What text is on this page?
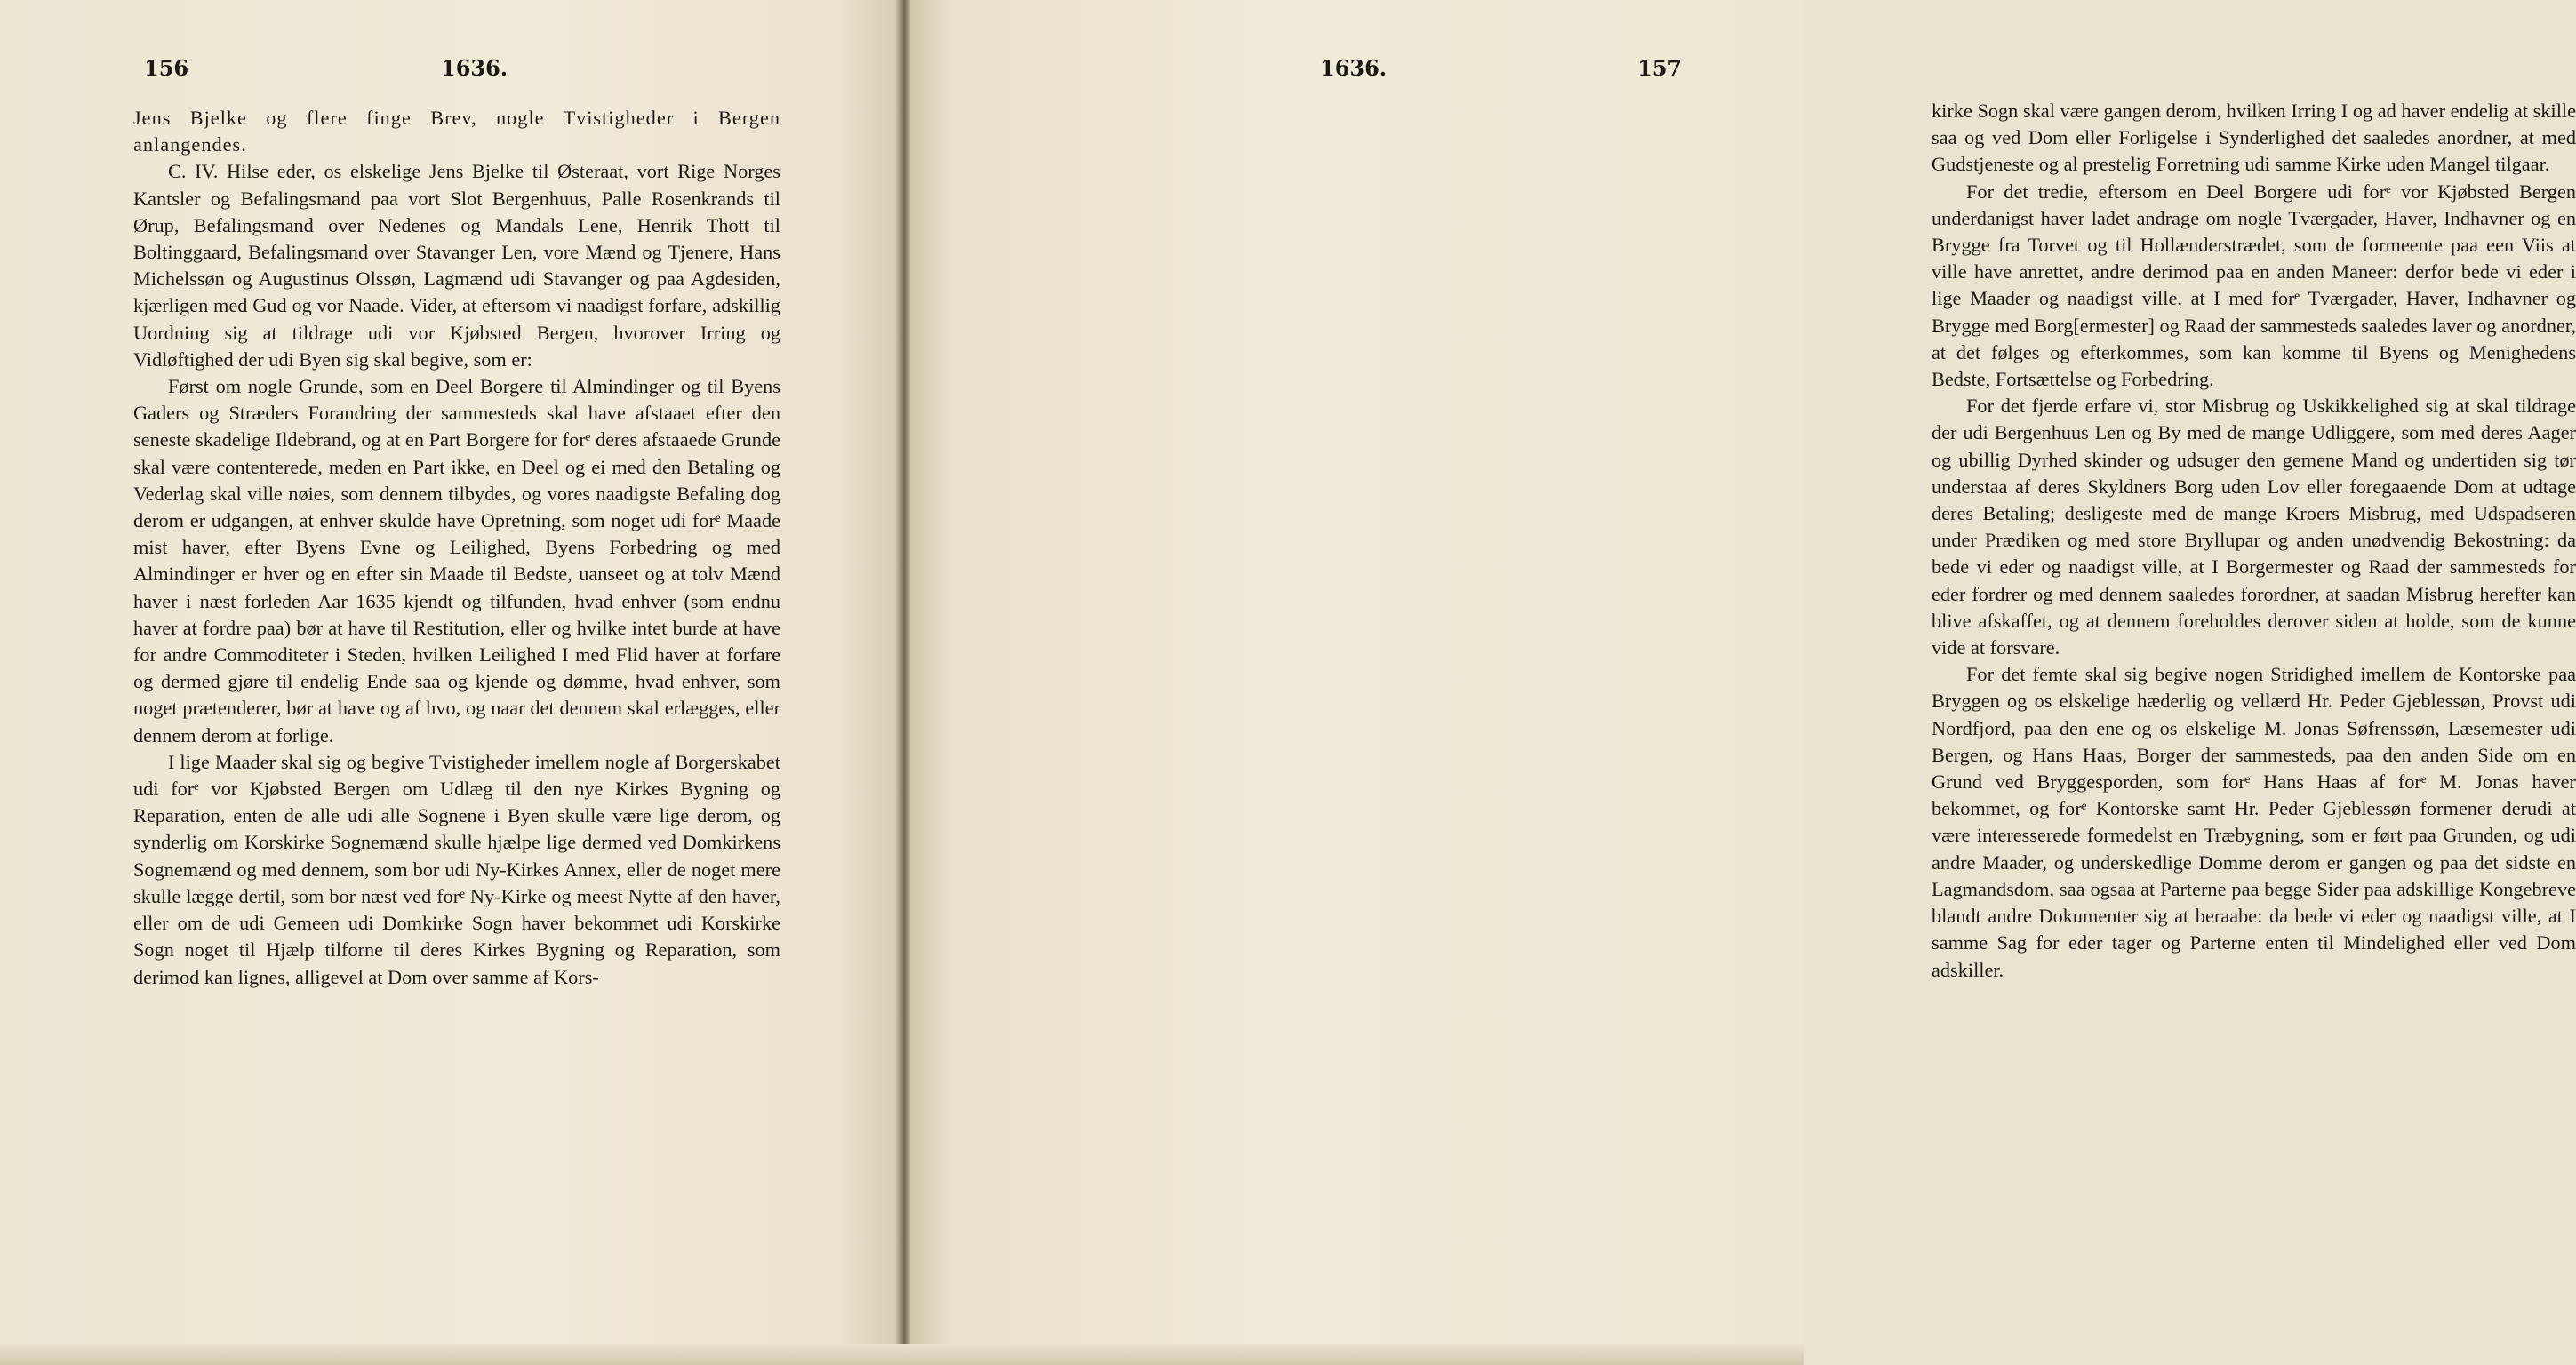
156	1636.

Jens Bjelke og flere finge Brev, nogle Tvistigheder i Bergen anlangendes.

C. IV. Hilse eder, os elskelige Jens Bjelke til Østeraat, vort Rige Norges Kantsler og Befalingsmand paa vort Slot Bergenhuus, Palle Rosenkrands til Ørup, Befalingsmand over Nedenes og Mandals Lene, Henrik Thott til Boltinggaard, Befalingsmand over Stavanger Len, vore Mænd og Tjenere, Hans Michelssøn og Augustinus Olssøn, Lagmænd udi Stavanger og paa Agdesiden, kjærligen med Gud og vor Naade. Vider, at eftersom vi naadigst forfare, adskillig Uordning sig at tildrage udi vor Kjøbsted Bergen, hvorover Irring og Vidløftighed der udi Byen sig skal begive, som er:

Først om nogle Grunde, som en Deel Borgere til Almindinger og til Byens Gaders og Stræders Forandring der sammesteds skal have afstaaet efter den seneste skadelige Ildebrand, og at en Part Borgere for forᵉ deres afstaaede Grunde skal være contenterede, meden en Part ikke, en Deel og ei med den Betaling og Vederlag skal ville nøies, som dennem tilbydes, og vores naadigste Befaling dog derom er udgangen, at enhver skulde have Opretning, som noget udi forᵉ Maade mist haver, efter Byens Evne og Leilighed, Byens Forbedring og med Almindinger er hver og en efter sin Maade til Bedste, uanseet og at tolv Mænd haver i næst forleden Aar 1635 kjendt og tilfunden, hvad enhver (som endnu haver at fordre paa) bør at have til Restitution, eller og hvilke intet burde at have for andre Commoditeter i Steden, hvilken Leilighed I med Flid haver at forfare og dermed gjøre til endelig Ende saa og kjende og dømme, hvad enhver, som noget prætenderer, bør at have og af hvo, og naar det dennem skal erlægges, eller dennem derom at forlige.

I lige Maader skal sig og begive Tvistigheder imellem nogle af Borgerskabet udi forᵉ vor Kjøbsted Bergen om Udlæg til den nye Kirkes Bygning og Reparation, enten de alle udi alle Sognene i Byen skulle være lige derom, og synderlig om Korskirke Sognemænd skulle hjælpe lige dermed ved Domkirkens Sognemænd og med dennem, som bor udi Ny-Kirkes Annex, eller de noget mere skulle lægge dertil, som bor næst ved forᵉ Ny-Kirke og meest Nytte af den haver, eller om de udi Gemeen udi Domkirke Sogn haver bekommet udi Korskirke Sogn noget til Hjælp tilforne til deres Kirkes Bygning og Reparation, som derimod kan lignes, alligevel at Dom over samme af Kors-

1636.	157

kirke Sogn skal være gangen derom, hvilken Irring I og ad haver endelig at skille saa og ved Dom eller Forligelse i Synderlighed det saaledes anordner, at med Gudstjeneste og al prestelig Forretning udi samme Kirke uden Mangel tilgaar.

For det tredie, eftersom en Deel Borgere udi forᵉ vor Kjøbsted Bergen underdanigst haver ladet andrage om nogle Tværgader, Haver, Indhavner og en Brygge fra Torvet og til Hollænderstrædet, som de formeente paa een Viis at ville have anrettet, andre derimod paa en anden Maneer: derfor bede vi eder i lige Maader og naadigst ville, at I med forᵉ Tværgader, Haver, Indhavner og Brygge med Borg[ermester] og Raad der sammesteds saaledes laver og anordner, at det følges og efterkommes, som kan komme til Byens og Menighedens Bedste, Fortsættelse og Forbedring.

For det fjerde erfare vi, stor Misbrug og Uskikkelighed sig at skal tildrage der udi Bergenhuus Len og By med de mange Udliggere, som med deres Aager og ubillig Dyrhed skinder og udsuger den gemene Mand og undertiden sig tør understaa af deres Skyldners Borg uden Lov eller foregaaende Dom at udtage deres Betaling; desligeste med de mange Kroers Misbrug, med Udspadseren under Prædiken og med store Bryllupar og anden unødvendig Bekostning: da bede vi eder og naadigst ville, at I Borgermester og Raad der sammesteds for eder fordrer og med dennem saaledes forordner, at saadan Misbrug herefter kan blive afskaffet, og at dennem foreholdes derover siden at holde, som de kunne vide at forsvare.

For det femte skal sig begive nogen Stridighed imellem de Kontorske paa Bryggen og os elskelige hæderlig og vellærd Hr. Peder Gjeblessøn, Provst udi Nordfjord, paa den ene og os elskelige M. Jonas Søfrenssøn, Læsemester udi Bergen, og Hans Haas, Borger der sammesteds, paa den anden Side om en Grund ved Bryggesporden, som forᵉ Hans Haas af forᵉ M. Jonas haver bekommet, og forᵉ Kontorske samt Hr. Peder Gjeblessøn formener derudi at være interesserede formedelst en Træbygning, som er ført paa Grunden, og udi andre Maader, og underskedlige Domme derom er gangen og paa det sidste en Lagmandsdom, saa ogsaa at Parterne paa begge Sider paa adskillige Kongebreve blandt andre Dokumenter sig at beraabe: da bede vi eder og naadigst ville, at I samme Sag for eder tager og Parterne enten til Mindelighed eller ved Dom adskiller.
